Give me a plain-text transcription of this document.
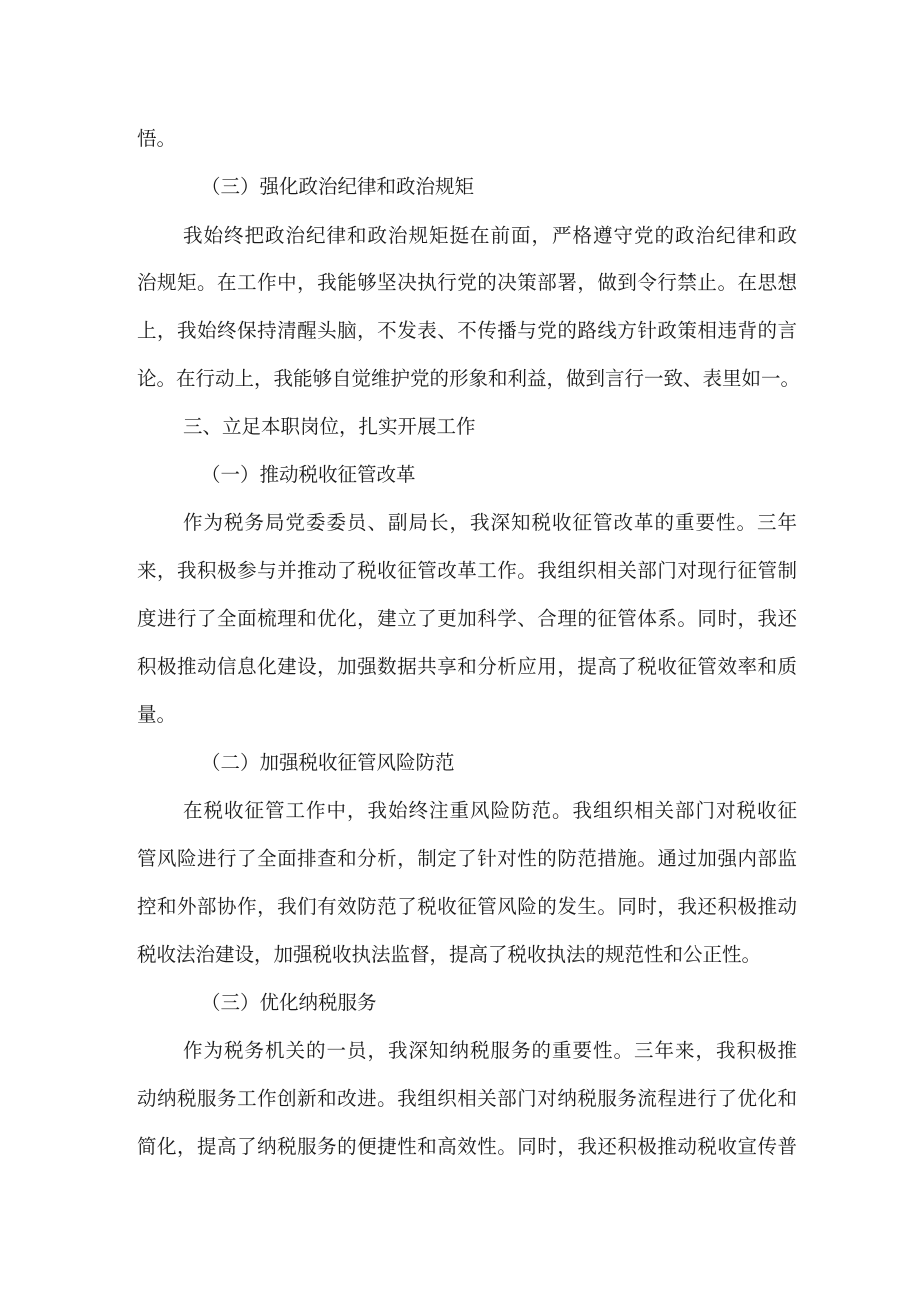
悟。
（三）强化政治纪律和政治规矩
我始终把政治纪律和政治规矩挺在前面，严格遵守党的政治纪律和政
治规矩。在工作中，我能够坚决执行党的决策部署，做到令行禁止。在思想
上，我始终保持清醒头脑，不发表、不传播与党的路线方针政策相违背的言
论。在行动上，我能够自觉维护党的形象和利益，做到言行一致、表里如一。
三、立足本职岗位，扎实开展工作
（一）推动税收征管改革
作为税务局党委委员、副局长，我深知税收征管改革的重要性。三年
来，我积极参与并推动了税收征管改革工作。我组织相关部门对现行征管制
度进行了全面梳理和优化，建立了更加科学、合理的征管体系。同时，我还
积极推动信息化建设，加强数据共享和分析应用，提高了税收征管效率和质
量。
（二）加强税收征管风险防范
在税收征管工作中，我始终注重风险防范。我组织相关部门对税收征
管风险进行了全面排查和分析，制定了针对性的防范措施。通过加强内部监
控和外部协作，我们有效防范了税收征管风险的发生。同时，我还积极推动
税收法治建设，加强税收执法监督，提高了税收执法的规范性和公正性。
（三）优化纳税服务
作为税务机关的一员，我深知纳税服务的重要性。三年来，我积极推
动纳税服务工作创新和改进。我组织相关部门对纳税服务流程进行了优化和
简化，提高了纳税服务的便捷性和高效性。同时，我还积极推动税收宣传普
